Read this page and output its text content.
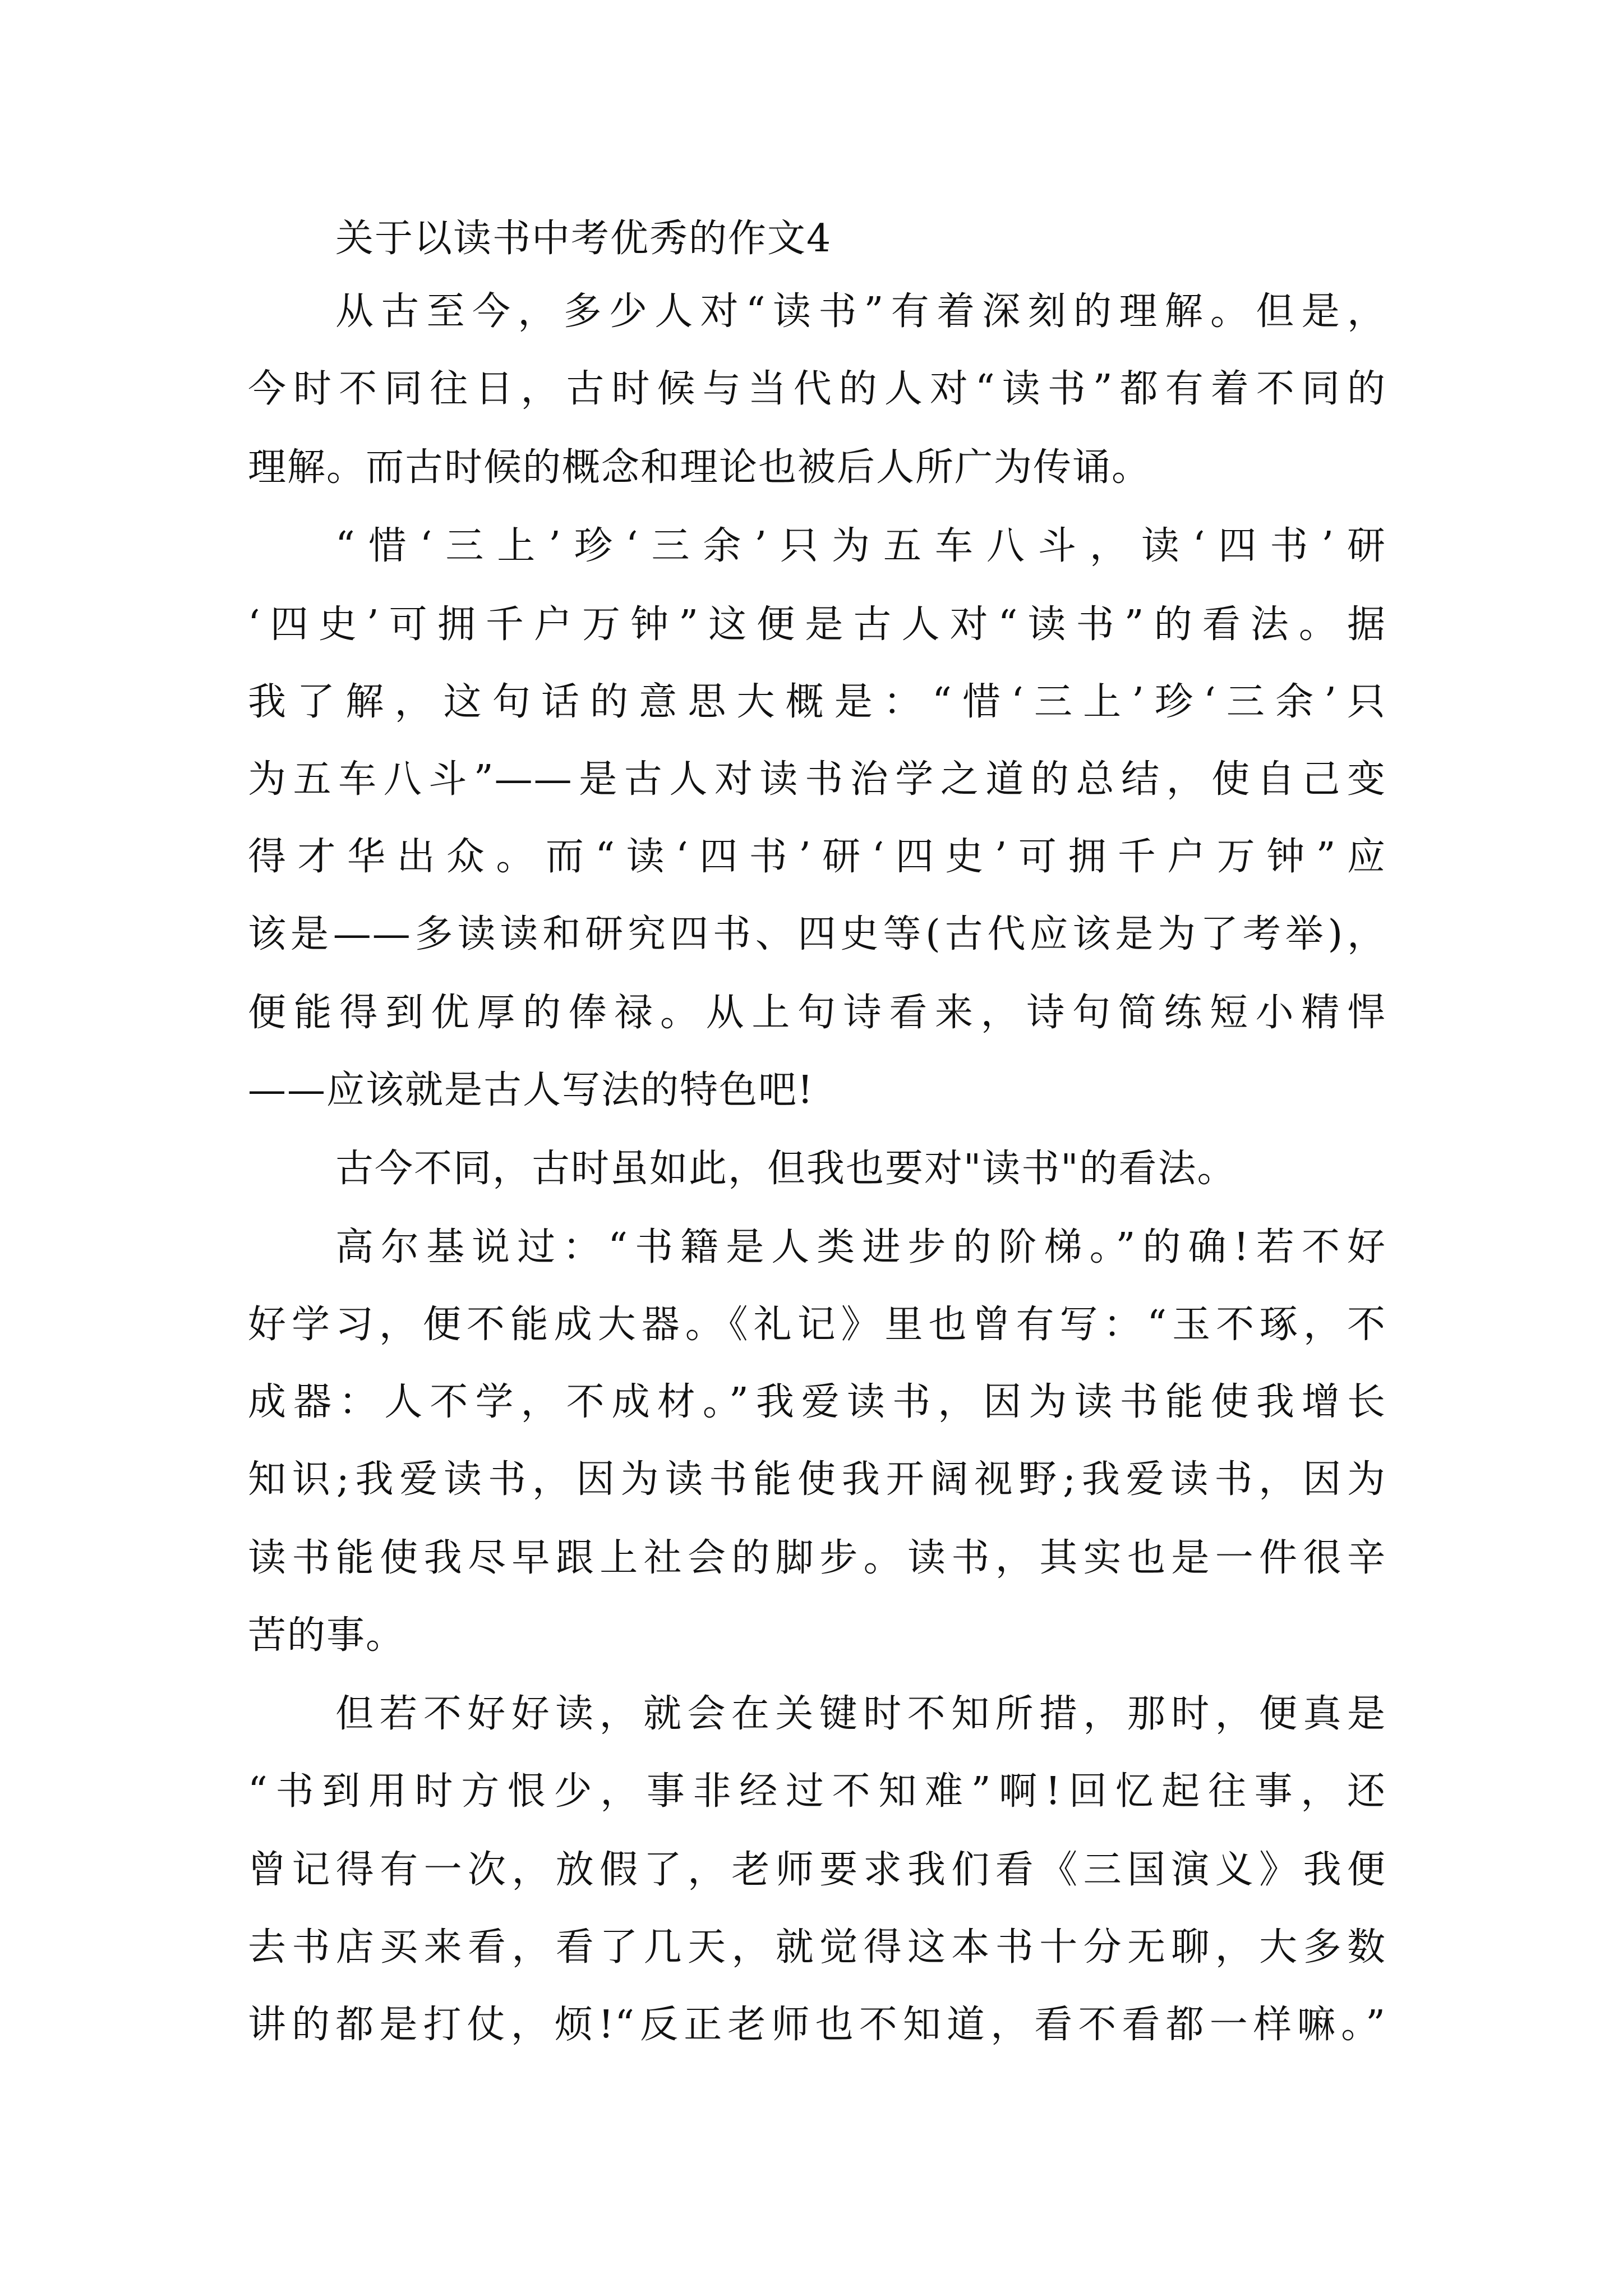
关于以读书中考优秀的作文4
从古至今，多少人对“读书”有着深刻的理解。但是，
今时不同往日，古时候与当代的人对“读书”都有着不同的
理解。而古时候的概念和理论也被后人所广为传诵。
“惜‘三上’珍‘三余’只为五车八斗，读‘四书’研
‘四史’可拥千户万钟”这便是古人对“读书”的看法。据
我了解，这句话的意思大概是：“惜‘三上’珍‘三余’只
为五车八斗”——是古人对读书治学之道的总结，使自己变
得才华出众。而“读‘四书’研‘四史’可拥千户万钟”应
该是——多读读和研究四书、四史等(古代应该是为了考举)，
便能得到优厚的俸禄。从上句诗看来，诗句简练短小精悍
——应该就是古人写法的特色吧!
古今不同，古时虽如此，但我也要对"读书"的看法。
高尔基说过：“书籍是人类进步的阶梯。”的确!若不好
好学习，便不能成大器。《礼记》里也曾有写：“玉不琢，不
成器：人不学，不成材。”我爱读书，因为读书能使我增长
知识;我爱读书，因为读书能使我开阔视野;我爱读书，因为
读书能使我尽早跟上社会的脚步。读书，其实也是一件很辛
苦的事。
但若不好好读，就会在关键时不知所措，那时，便真是
“书到用时方恨少，事非经过不知难”啊!回忆起往事，还
曾记得有一次，放假了，老师要求我们看《三国演义》我便
去书店买来看，看了几天，就觉得这本书十分无聊，大多数
讲的都是打仗，烦!“反正老师也不知道，看不看都一样嘛。”
